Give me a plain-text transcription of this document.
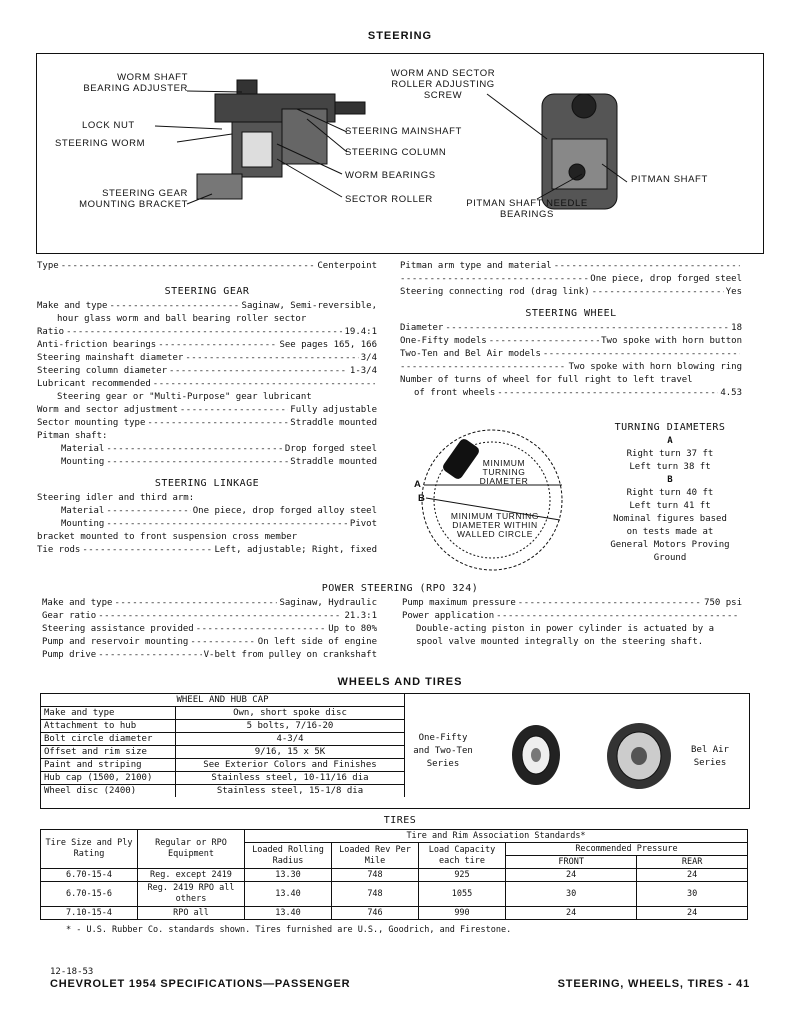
STEERING
WORM SHAFT BEARING ADJUSTER
LOCK NUT
STEERING WORM
STEERING GEAR MOUNTING BRACKET
WORM AND SECTOR ROLLER ADJUSTING SCREW
STEERING MAINSHAFT
STEERING COLUMN
WORM BEARINGS
SECTOR ROLLER
PITMAN SHAFT
PITMAN SHAFT NEEDLE BEARINGS
Type -----	Centerpoint
STEERING GEAR
Make and type -----	Saginaw, Semi-reversible,
hour glass worm and ball bearing roller sector
Ratio -----	19.4:1
Anti-friction bearings -----	See pages 165, 166
Steering mainshaft diameter -----	3/4
Steering column diameter -----	1-3/4
Lubricant recommended
-----
Steering gear or "Multi-Purpose" gear lubricant
Worm and sector adjustment -----	Fully adjustable
Sector mounting type -----	Straddle mounted
Pitman shaft:
Material -----	Drop forged steel
Mounting -----	Straddle mounted
STEERING LINKAGE
Steering idler and third arm:
Material -----	One piece, drop forged alloy steel
Mounting -----	Pivot
bracket mounted to front suspension cross member
Tie rods -----	Left, adjustable; Right, fixed
Pitman arm type and material
-----
-----
One piece, drop forged steel
Steering connecting rod (drag link) -----	Yes
STEERING WHEEL
Diameter -----	18
One-Fifty models -----	Two spoke with horn button
Two-Ten and Bel Air models
-----
-----
Two spoke with horn blowing ring
Number of turns of wheel for full right to left travel
of front wheels -----	4.53
MINIMUM TURNING DIAMETER
MINIMUM TURNING DIAMETER WITHIN WALLED CIRCLE
A
B
TURNING DIAMETERS
A
Right turn 37 ft
Left turn 38 ft
B
Right turn 40 ft
Left turn 41 ft
Nominal figures based
on tests made at
General Motors Proving
Ground
POWER STEERING (RPO 324)
Make and type -----	Saginaw, Hydraulic
Gear ratio -----	21.3:1
Steering assistance provided -----	Up to 80%
Pump and reservoir mounting -----	On left side of engine
Pump drive -----	V-belt from pulley on crankshaft
Pump maximum pressure -----	750 psi
Power application
-----
Double-acting piston in power cylinder is actuated by a spool valve mounted integrally on the steering shaft.
WHEELS AND TIRES
WHEEL AND HUB CAP	
Make and type	Own, short spoke disc
Attachment to hub	5 bolts, 7/16-20
Bolt circle diameter	4-3/4
Offset and rim size	9/16, 15 x 5K
Paint and striping	See Exterior Colors and Finishes
Hub cap (1500, 2100)	Stainless steel, 10-11/16 dia
Wheel disc (2400)	Stainless steel, 15-1/8 dia
One-Fifty and Two-Ten Series
Bel Air Series
TIRES
Tire Size and Ply Rating	Regular or RPO Equipment	Tire and Rim Association Standards*				
		Loaded Rolling Radius	Loaded Rev Per Mile	Load Capacity each tire	Recommended Pressure	
					FRONT	REAR
6.70-15-4	Reg. except 2419	13.30	748	925	24	24
6.70-15-6	Reg. 2419 RPO all others	13.40	748	1055	30	30
7.10-15-4	RPO all	13.40	746	990	24	24
* - U.S. Rubber Co. standards shown. Tires furnished are U.S., Goodrich, and Firestone.
12-18-53
CHEVROLET 1954 SPECIFICATIONS—PASSENGER	STEERING, WHEELS, TIRES - 41
